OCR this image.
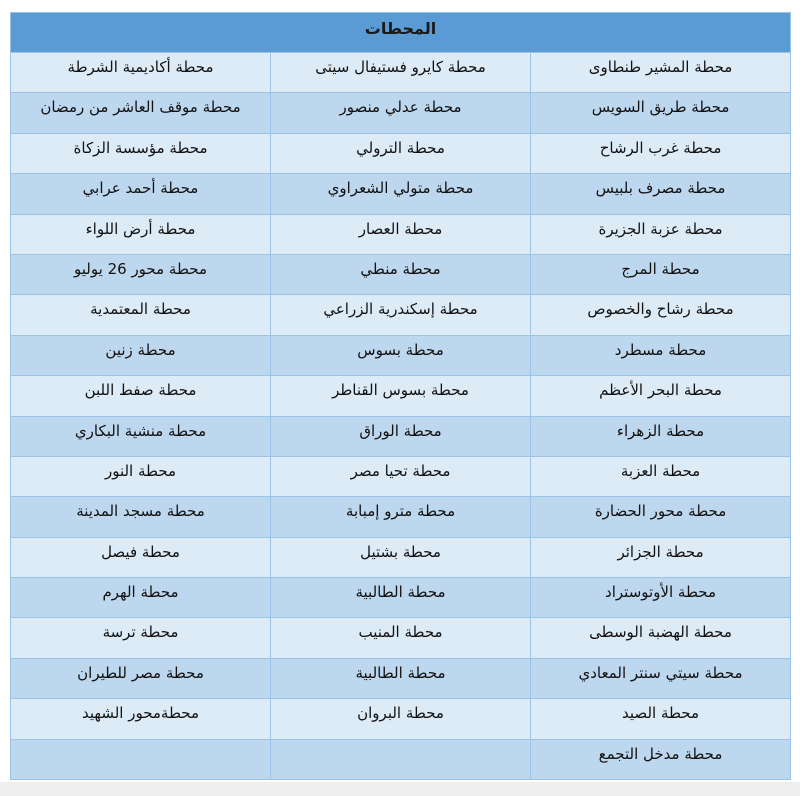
المحطات		
محطة المشير طنطاوى	محطة كايرو فستيفال سيتى	محطة أكاديمية الشرطة
محطة طريق السويس	محطة عدلي منصور	محطة موقف العاشر من رمضان
محطة غرب الرشاح	محطة الترولي	محطة مؤسسة الزكاة
محطة مصرف بلبيس	محطة متولي الشعراوي	محطة أحمد عرابي
محطة عزبة الجزيرة	محطة العصار	محطة أرض اللواء
محطة المرج	محطة منطي	محطة محور 26 يوليو
محطة رشاح والخصوص	محطة إسكندرية الزراعي	محطة المعتمدية
محطة مسطرد	محطة بسوس	محطة زنين
محطة البحر الأعظم	محطة بسوس القناطر	محطة صفط اللبن
محطة الزهراء	محطة الوراق	محطة منشية البكاري
محطة العزبة	محطة تحيا مصر	محطة النور
محطة محور الحضارة	محطة مترو إمبابة	محطة مسجد المدينة
محطة الجزائر	محطة بشتيل	محطة فيصل
محطة الأوتوستراد	محطة الطالبية	محطة الهرم
محطة الهضبة الوسطى	محطة المنيب	محطة ترسة
محطة سيتي سنتر المعادي	محطة الطالبية	محطة مصر للطيران
محطة الصيد	محطة البروان	محطةمحور الشهيد
محطة مدخل التجمع		
